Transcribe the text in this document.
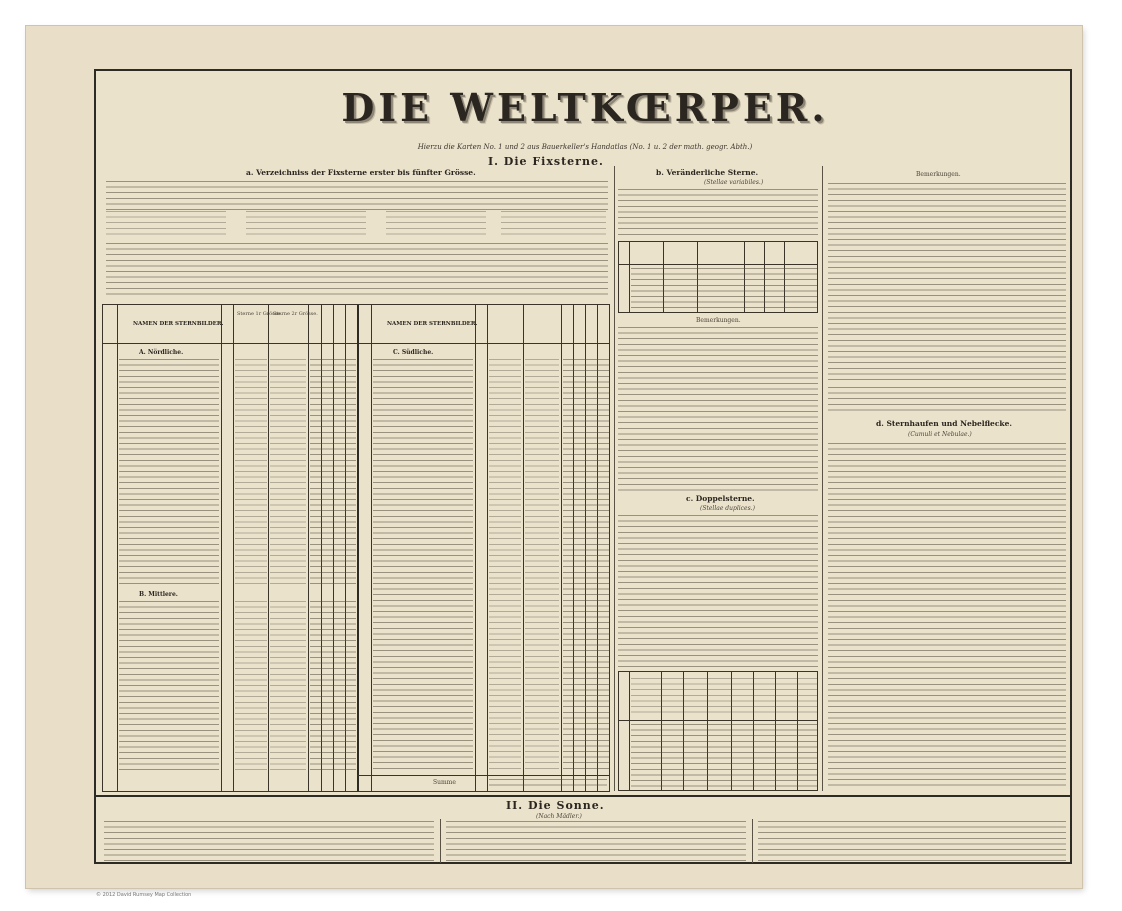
DIE WELTKŒRPER.
Hierzu die Karten No. 1 und 2 aus Bauerkeller's Handatlas (No. 1 u. 2 der math. geogr. Abth.)
I. Die Fixsterne.
a. Verzeichniss der Fixsterne erster bis fünfter Grösse.
NAMEN DER STERNBILDER.	NAMEN DER STERNBILDER.
Sterne 1r Grösse.
Sterne 2r Grösse.
A. Nördliche.
B. Mittlere.
C. Südliche.
Summe
b. Veränderliche Sterne.
(Stellae variabiles.)
Bemerkungen.
c. Doppelsterne.
(Stellae duplices.)
Bemerkungen.
d. Sternhaufen und Nebelflecke.
(Cumuli et Nebulae.)
II. Die Sonne.
(Nach Mädler.)
© 2012 David Rumsey Map Collection
